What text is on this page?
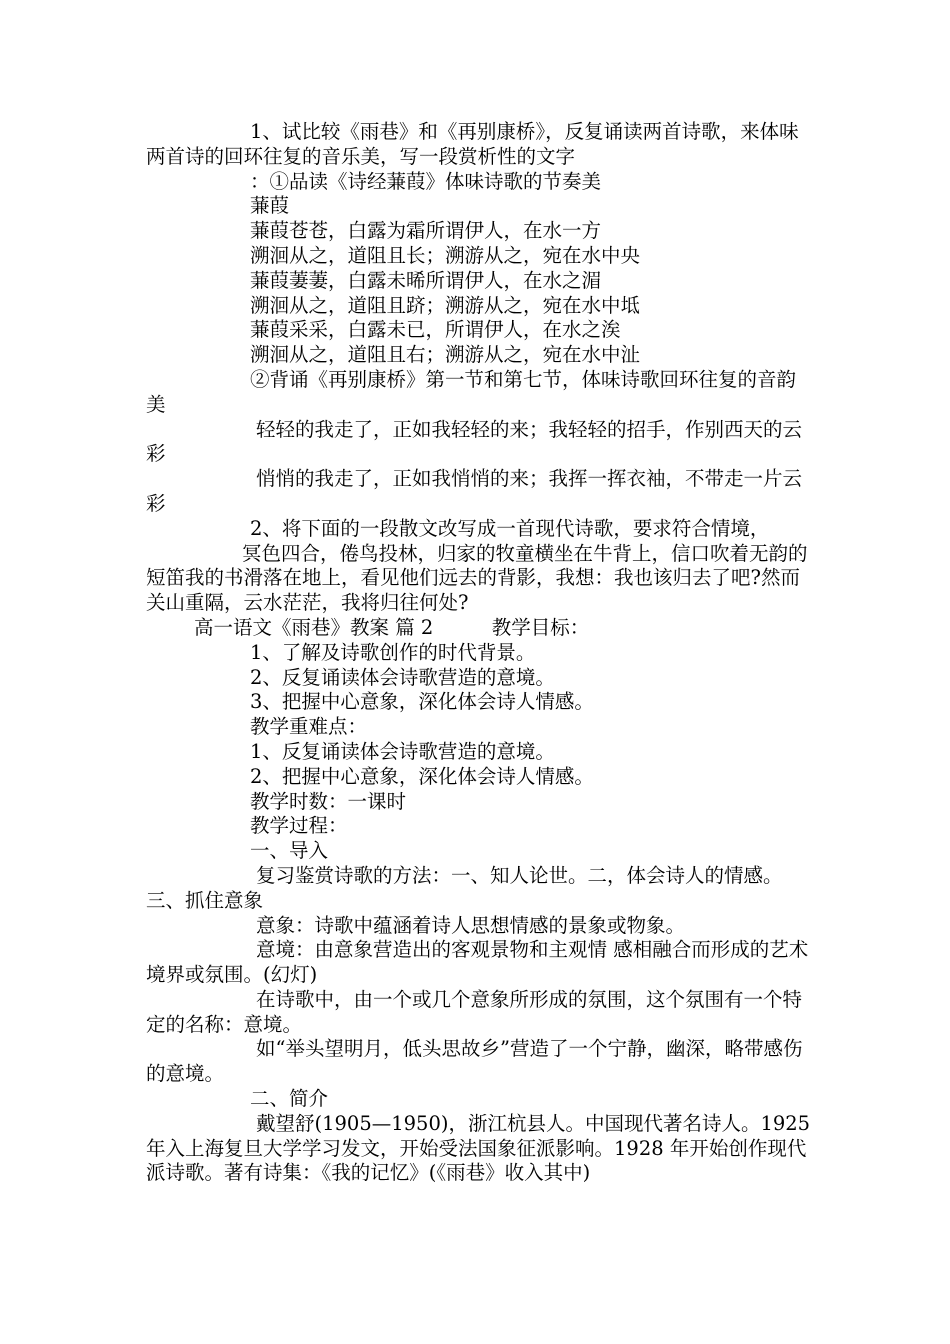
1、试比较《雨巷》和《再别康桥》，反复诵读两首诗歌，来体味两首诗的回环往复的音乐美，写一段赏析性的文字

：①品读《诗经蒹葭》体味诗歌的节奏美

蒹葭

蒹葭苍苍，白露为霜所谓伊人，在水一方

溯洄从之，道阻且长；溯游从之，宛在水中央

蒹葭萋萋，白露未晞所谓伊人，在水之湄

溯洄从之，道阻且跻；溯游从之，宛在水中坻

蒹葭采采，白露未已，所谓伊人，在水之涘

溯洄从之，道阻且右；溯游从之，宛在水中沚

②背诵《再别康桥》第一节和第七节，体味诗歌回环往复的音韵美

轻轻的我走了，正如我轻轻的来；我轻轻的招手，作别西天的云彩

悄悄的我走了，正如我悄悄的来；我挥一挥衣袖，不带走一片云彩

2、将下面的一段散文改写成一首现代诗歌，要求符合情境，

冥色四合，倦鸟投林，归家的牧童横坐在牛背上，信口吹着无韵的短笛我的书滑落在地上，看见他们远去的背影，我想：我也该归去了吧?然而关山重隔，云水茫茫，我将归往何处?

高一语文《雨巷》教案 篇 2　　　教学目标：

1、了解及诗歌创作的时代背景。

2、反复诵读体会诗歌营造的意境。

3、把握中心意象，深化体会诗人情感。

教学重难点：

1、反复诵读体会诗歌营造的意境。

2、把握中心意象，深化体会诗人情感。

教学时数：一课时

教学过程：

一、导入

复习鉴赏诗歌的方法：一、知人论世。二，体会诗人的情感。三、抓住意象

意象：诗歌中蕴涵着诗人思想情感的景象或物象。

意境：由意象营造出的客观景物和主观情 感相融合而形成的艺术境界或氛围。(幻灯)

在诗歌中，由一个或几个意象所形成的氛围，这个氛围有一个特定的名称：意境。

如“举头望明月，低头思故乡”营造了一个宁静，幽深，略带感伤的意境。

二、简介

戴望舒(1905—1950)，浙江杭县人。中国现代著名诗人。1925 年入上海复旦大学学习发文，开始受法国象征派影响。1928 年开始创作现代派诗歌。著有诗集：《我的记忆》(《雨巷》收入其中)
